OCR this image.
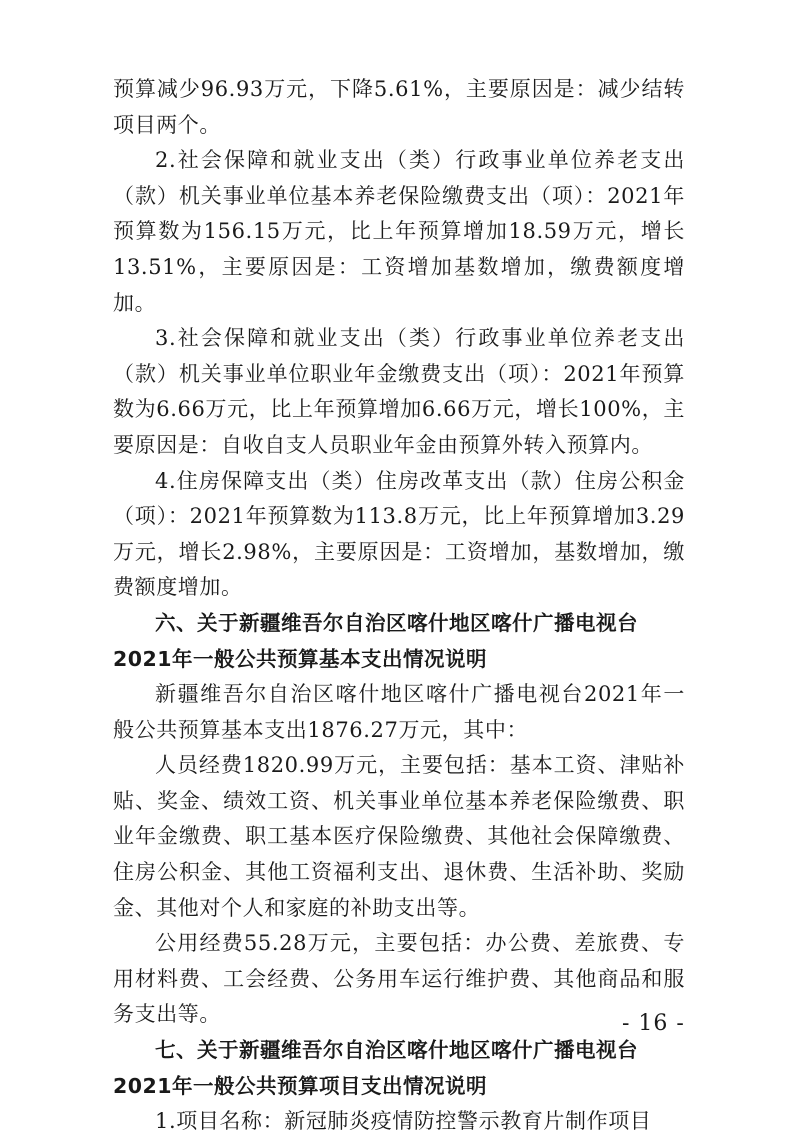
预算减少96.93万元，下降5.61%，主要原因是：减少结转项目两个。

2.社会保障和就业支出（类）行政事业单位养老支出（款）机关事业单位基本养老保险缴费支出（项）：2021年预算数为156.15万元，比上年预算增加18.59万元，增长13.51%，主要原因是：工资增加基数增加，缴费额度增加。

3.社会保障和就业支出（类）行政事业单位养老支出（款）机关事业单位职业年金缴费支出（项）：2021年预算数为6.66万元，比上年预算增加6.66万元，增长100%，主要原因是：自收自支人员职业年金由预算外转入预算内。

4.住房保障支出（类）住房改革支出（款）住房公积金（项）：2021年预算数为113.8万元，比上年预算增加3.29万元，增长2.98%，主要原因是：工资增加，基数增加，缴费额度增加。

六、关于新疆维吾尔自治区喀什地区喀什广播电视台2021年一般公共预算基本支出情况说明

新疆维吾尔自治区喀什地区喀什广播电视台2021年一般公共预算基本支出1876.27万元，其中：

人员经费1820.99万元，主要包括：基本工资、津贴补贴、奖金、绩效工资、机关事业单位基本养老保险缴费、职业年金缴费、职工基本医疗保险缴费、其他社会保障缴费、住房公积金、其他工资福利支出、退休费、生活补助、奖励金、其他对个人和家庭的补助支出等。

公用经费55.28万元，主要包括：办公费、差旅费、专用材料费、工会经费、公务用车运行维护费、其他商品和服务支出等。

七、关于新疆维吾尔自治区喀什地区喀什广播电视台2021年一般公共预算项目支出情况说明

1.项目名称：新冠肺炎疫情防控警示教育片制作项目

- 16 -
